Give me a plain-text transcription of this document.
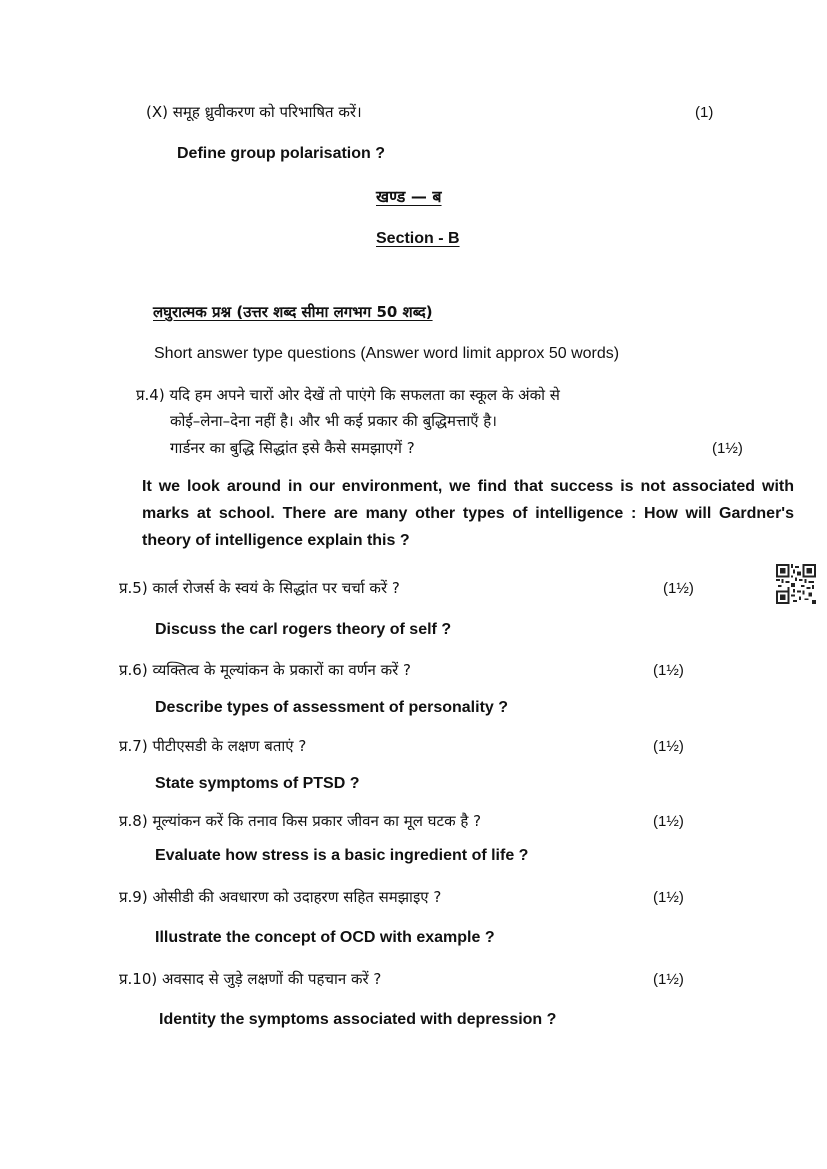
(X) समूह ध्रुवीकरण को परिभाषित करें।	(1)
Define group polarisation ?
खण्ड — ब
Section - B
लघुरात्मक प्रश्न (उत्तर शब्द सीमा लगभग 50 शब्द)
Short answer type questions (Answer word limit approx 50 words)
प्र.4) यदि हम अपने चारों ओर देखें तो पाएंगे कि सफलता का स्कूल के अंको से
कोई–लेना–देना नहीं है। और भी कई प्रकार की बुद्धिमत्ताएँ है।
गार्डनर का बुद्धि सिद्धांत इसे कैसे समझाएगें ?	(1½)
It we look around in our environment, we find that success is not associated with marks at school. There are many other types of intelligence : How will Gardner's theory of intelligence explain this ?
प्र.5) कार्ल रोजर्स के स्वयं के सिद्धांत पर चर्चा करें ?	(1½)
Discuss the carl rogers theory of self ?
प्र.6) व्यक्तित्व के मूल्यांकन के प्रकारों का वर्णन करें ?	(1½)
Describe types of assessment of personality ?
प्र.7) पीटीएसडी के लक्षण बताएं ?	(1½)
State symptoms of PTSD ?
प्र.8) मूल्यांकन करें कि तनाव किस प्रकार जीवन का मूल घटक है ?	(1½)
Evaluate how stress is a basic ingredient of life ?
प्र.9) ओसीडी की अवधारण को उदाहरण सहित समझाइए ?	(1½)
Illustrate the concept of OCD with example ?
प्र.10) अवसाद से जुड़े लक्षणों की पहचान करें ?	(1½)
Identity the symptoms associated with depression ?
